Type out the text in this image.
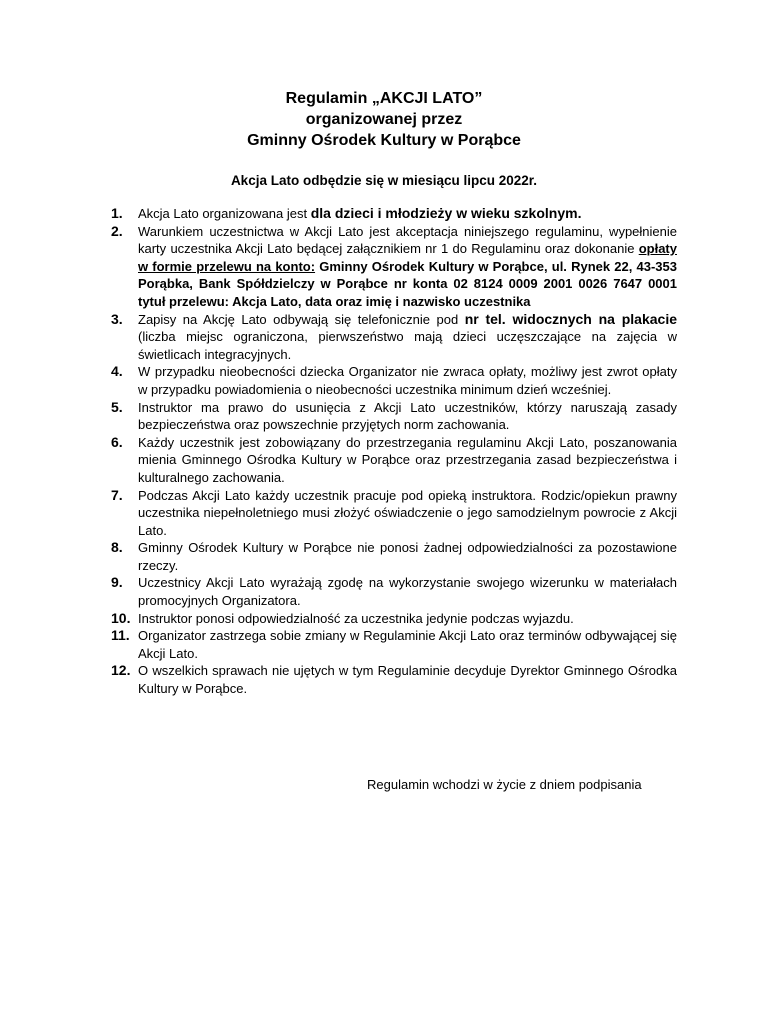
Regulamin „AKCJI LATO”
organizowanej przez
Gminny Ośrodek Kultury w Porąbce
Akcja Lato odbędzie się w miesiącu lipcu 2022r.
1. Akcja Lato organizowana jest dla dzieci i młodzieży w wieku szkolnym.
2. Warunkiem uczestnictwa w Akcji Lato jest akceptacja niniejszego regulaminu, wypełnienie karty uczestnika Akcji Lato będącej załącznikiem nr 1 do Regulaminu oraz dokonanie opłaty w formie przelewu na konto: Gminny Ośrodek Kultury w Porąbce, ul. Rynek 22, 43-353 Porąbka, Bank Spółdzielczy w Porąbce nr konta 02 8124 0009 2001 0026 7647 0001 tytuł przelewu: Akcja Lato, data oraz imię i nazwisko uczestnika
3. Zapisy na Akcję Lato odbywają się telefonicznie pod nr tel. widocznych na plakacie (liczba miejsc ograniczona, pierwszeństwo mają dzieci uczęszczające na zajęcia w świetlicach integracyjnych.
4. W przypadku nieobecności dziecka Organizator nie zwraca opłaty, możliwy jest zwrot opłaty w przypadku powiadomienia o nieobecności uczestnika minimum dzień wcześniej.
5. Instruktor ma prawo do usunięcia z Akcji Lato uczestników, którzy naruszają zasady bezpieczeństwa oraz powszechnie przyjętych norm zachowania.
6. Każdy uczestnik jest zobowiązany do przestrzegania regulaminu Akcji Lato, poszanowania mienia Gminnego Ośrodka Kultury w Porąbce oraz przestrzegania zasad bezpieczeństwa i kulturalnego zachowania.
7. Podczas Akcji Lato każdy uczestnik pracuje pod opieką instruktora. Rodzic/opiekun prawny uczestnika niepełnoletniego musi złożyć oświadczenie o jego samodzielnym powrocie z Akcji Lato.
8. Gminny Ośrodek Kultury w Porąbce nie ponosi żadnej odpowiedzialności za pozostawione rzeczy.
9. Uczestnicy Akcji Lato wyrażają zgodę na wykorzystanie swojego wizerunku w materiałach promocyjnych Organizatora.
10. Instruktor ponosi odpowiedzialność za uczestnika jedynie podczas wyjazdu.
11. Organizator zastrzega sobie zmiany w Regulaminie Akcji Lato oraz terminów odbywającej się Akcji Lato.
12. O wszelkich sprawach nie ujętych w tym Regulaminie decyduje Dyrektor Gminnego Ośrodka Kultury w Porąbce.
Regulamin wchodzi w życie z dniem podpisania
